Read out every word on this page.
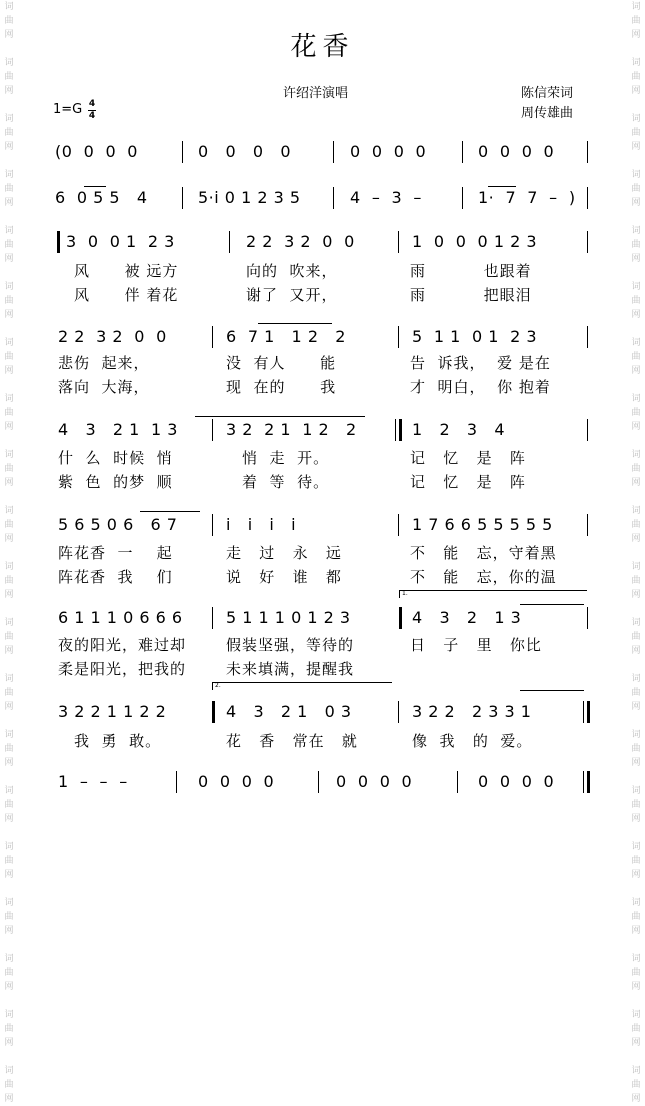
词
曲
网

词
曲
网

词
曲
网

词
曲
网

词
曲
网

词
曲
网

词
曲
网

词
曲
网

词
曲
网

词
曲
网

词
曲
网

词
曲
网

词
曲
网

词
曲
网

词
曲
网

词
曲
网

词
曲
网

词
曲
网

词
曲
网

词
曲
网

词
曲
网

词
曲
网

词
曲
网

词
曲
网

词
曲
网

词
曲
网

词
曲
网

词
曲
网

词
曲
网

词
曲
网

词
曲
网

词
曲
网

词
曲
网

词
曲
网

词
曲
网

词
曲
网

词
曲
网

词
曲
网

词
曲
网

词
曲
网

花香
许绍洋演唱	陈信荣词
周传雄曲
1=G 4
4
(0  0  0  0	0   0   0   0	0  0  0  0	0  0  0  0
6  0 5 5   4	5·i 0 1 2 3 5	4  –  3  –	1·  7  7  –  )
3  0  0 1  2 3	2 2  3 2  0  0	1  0  0  0 1 2 3
风      被 远方	向的  吹来，	雨          也跟着
风      伴 着花	谢了  又开，	雨          把眼泪
2 2  3 2  0  0	6  7 1   1 2   2	5  1 1  0 1  2 3
悲伤  起来，	没  有人      能	告  诉我，  爱 是在
落向  大海，	现  在的      我	才  明白，  你 抱着
4   3   2 1  1 3	3 2  2 1  1 2   2	1   2   3   4
什  么  时候  悄	悄  走  开。	记   忆   是   阵
紫  色  的梦  顺	着  等  待。	记   忆   是   阵
5 6 5 0 6   6 7	i   i   i   i	1 7 6 6 5 5 5 5 5
阵花香  一    起	走   过   永   远	不   能   忘，守着黑
阵花香  我    们	说   好   谁   都	不   能   忘，你的温
1.
6 1 1 1 0 6 6 6	5 1 1 1 0 1 2 3	4   3   2   1 3
夜的阳光，难过却	假装坚强，等待的	日   子   里   你比
柔是阳光，把我的	未来填满，提醒我
2.
3 2 2 1 1 2 2	4   3   2 1   0 3	3 2 2   2 3 3 1
我  勇  敢。	花   香   常在   就	像  我   的  爱。
1  –  –  –	0  0  0  0	0  0  0  0	0  0  0  0
